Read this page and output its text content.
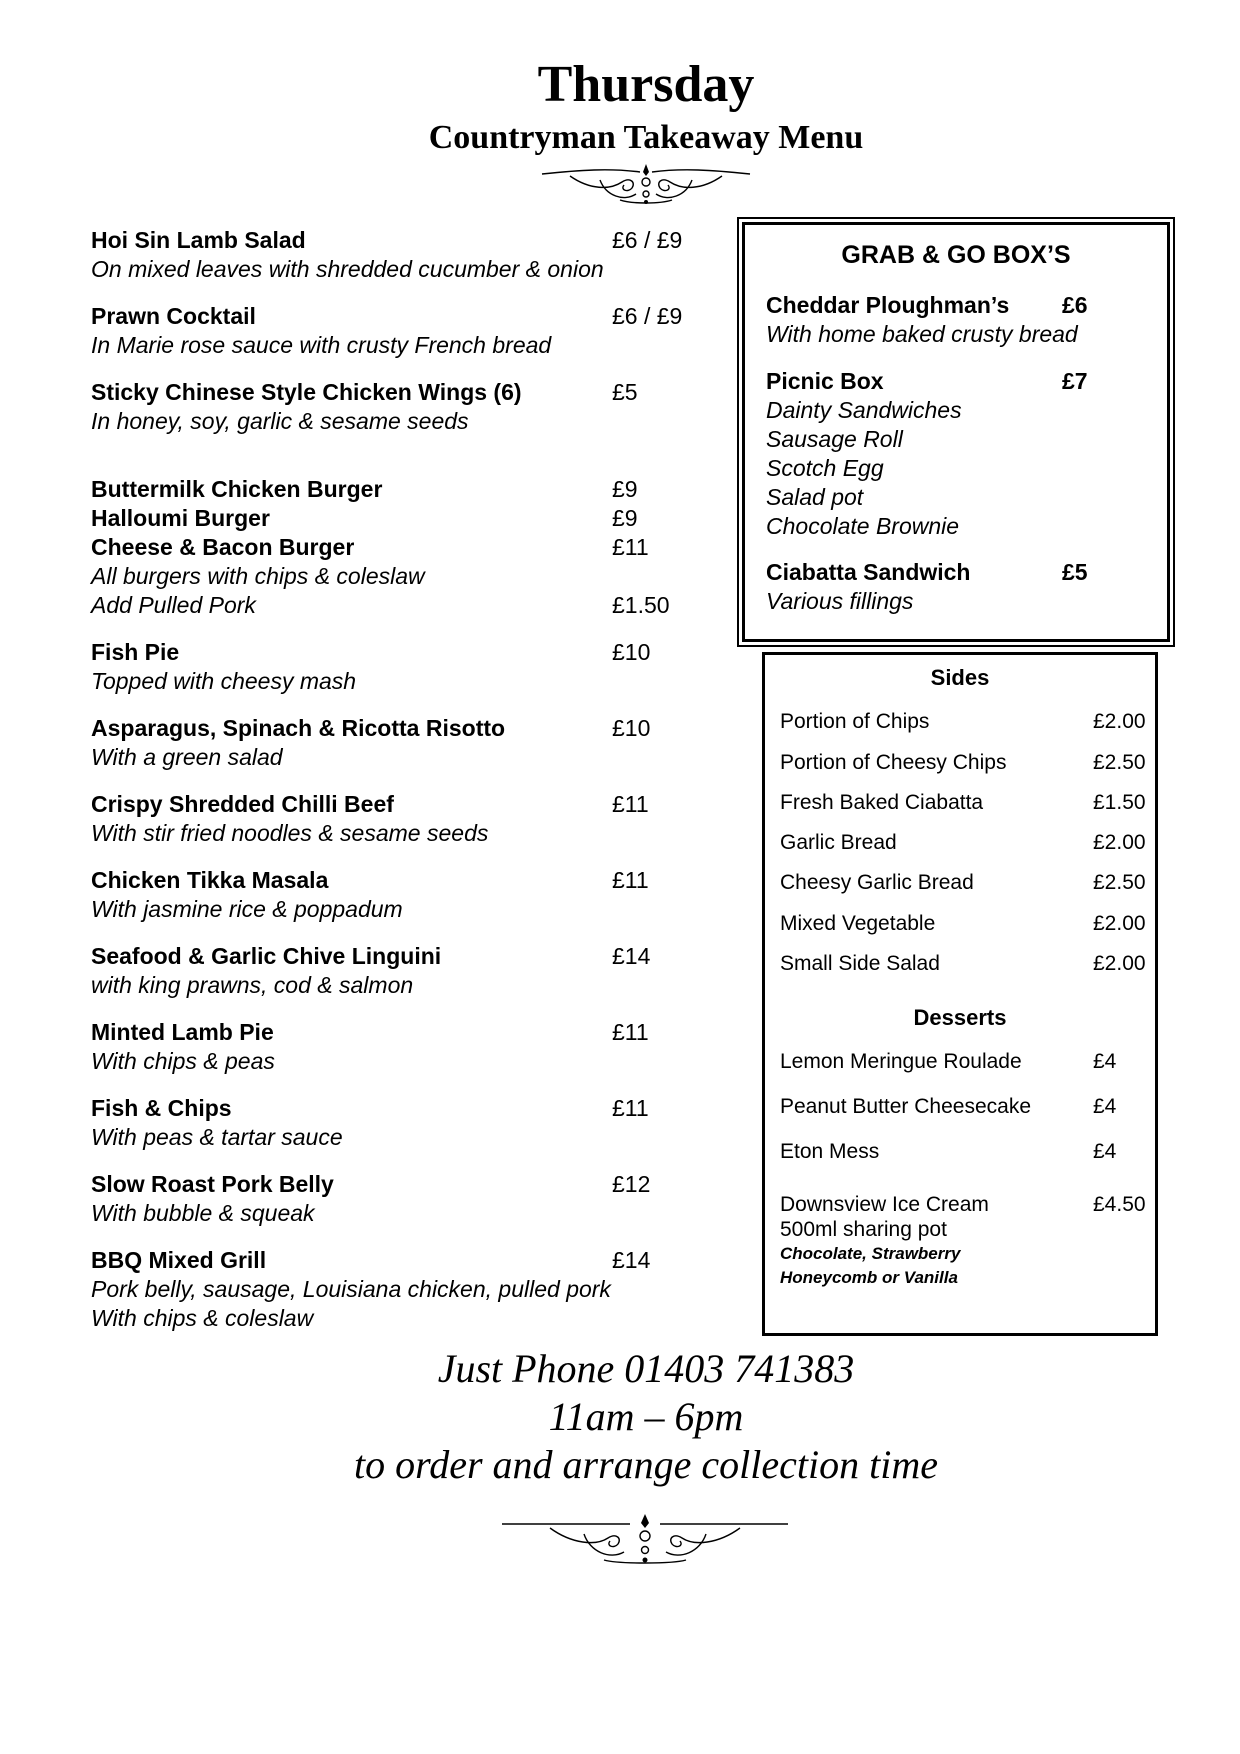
Thursday
Countryman Takeaway Menu
Hoi Sin Lamb Salad	£6 / £9
On mixed leaves with shredded cucumber & onion
Prawn Cocktail	£6 / £9
In Marie rose sauce with crusty French bread
Sticky Chinese Style Chicken Wings (6)	£5
In honey, soy, garlic & sesame seeds
Buttermilk Chicken Burger	£9
Halloumi Burger	£9
Cheese & Bacon Burger	£11
All burgers with chips & coleslaw
Add Pulled Pork	£1.50
Fish Pie	£10
Topped with cheesy mash
Asparagus, Spinach & Ricotta Risotto	£10
With a green salad
Crispy Shredded Chilli Beef	£11
With stir fried noodles & sesame seeds
Chicken Tikka Masala	£11
With jasmine rice & poppadum
Seafood & Garlic Chive Linguini	£14
with king prawns, cod & salmon
Minted Lamb Pie	£11
With chips & peas
Fish & Chips	£11
With peas & tartar sauce
Slow Roast Pork Belly	£12
With bubble & squeak
BBQ Mixed Grill	£14
Pork belly, sausage, Louisiana chicken, pulled pork
With chips & coleslaw
GRAB & GO BOX’S
Cheddar Ploughman’s	£6
With home baked crusty bread
Picnic Box	£7
Dainty Sandwiches
Sausage Roll
Scotch Egg
Salad pot
Chocolate Brownie
Ciabatta Sandwich	£5
Various fillings
Sides
Portion of Chips	£2.00
Portion of Cheesy Chips	£2.50
Fresh Baked Ciabatta	£1.50
Garlic Bread	£2.00
Cheesy Garlic Bread	£2.50
Mixed Vegetable	£2.00
Small Side Salad	£2.00
Desserts
Lemon Meringue Roulade	£4
Peanut Butter Cheesecake	£4
Eton Mess	£4
Downsview Ice Cream	£4.50
500ml sharing pot
Chocolate, Strawberry
Honeycomb or Vanilla
Just Phone 01403 741383
11am – 6pm
to order and arrange collection time
